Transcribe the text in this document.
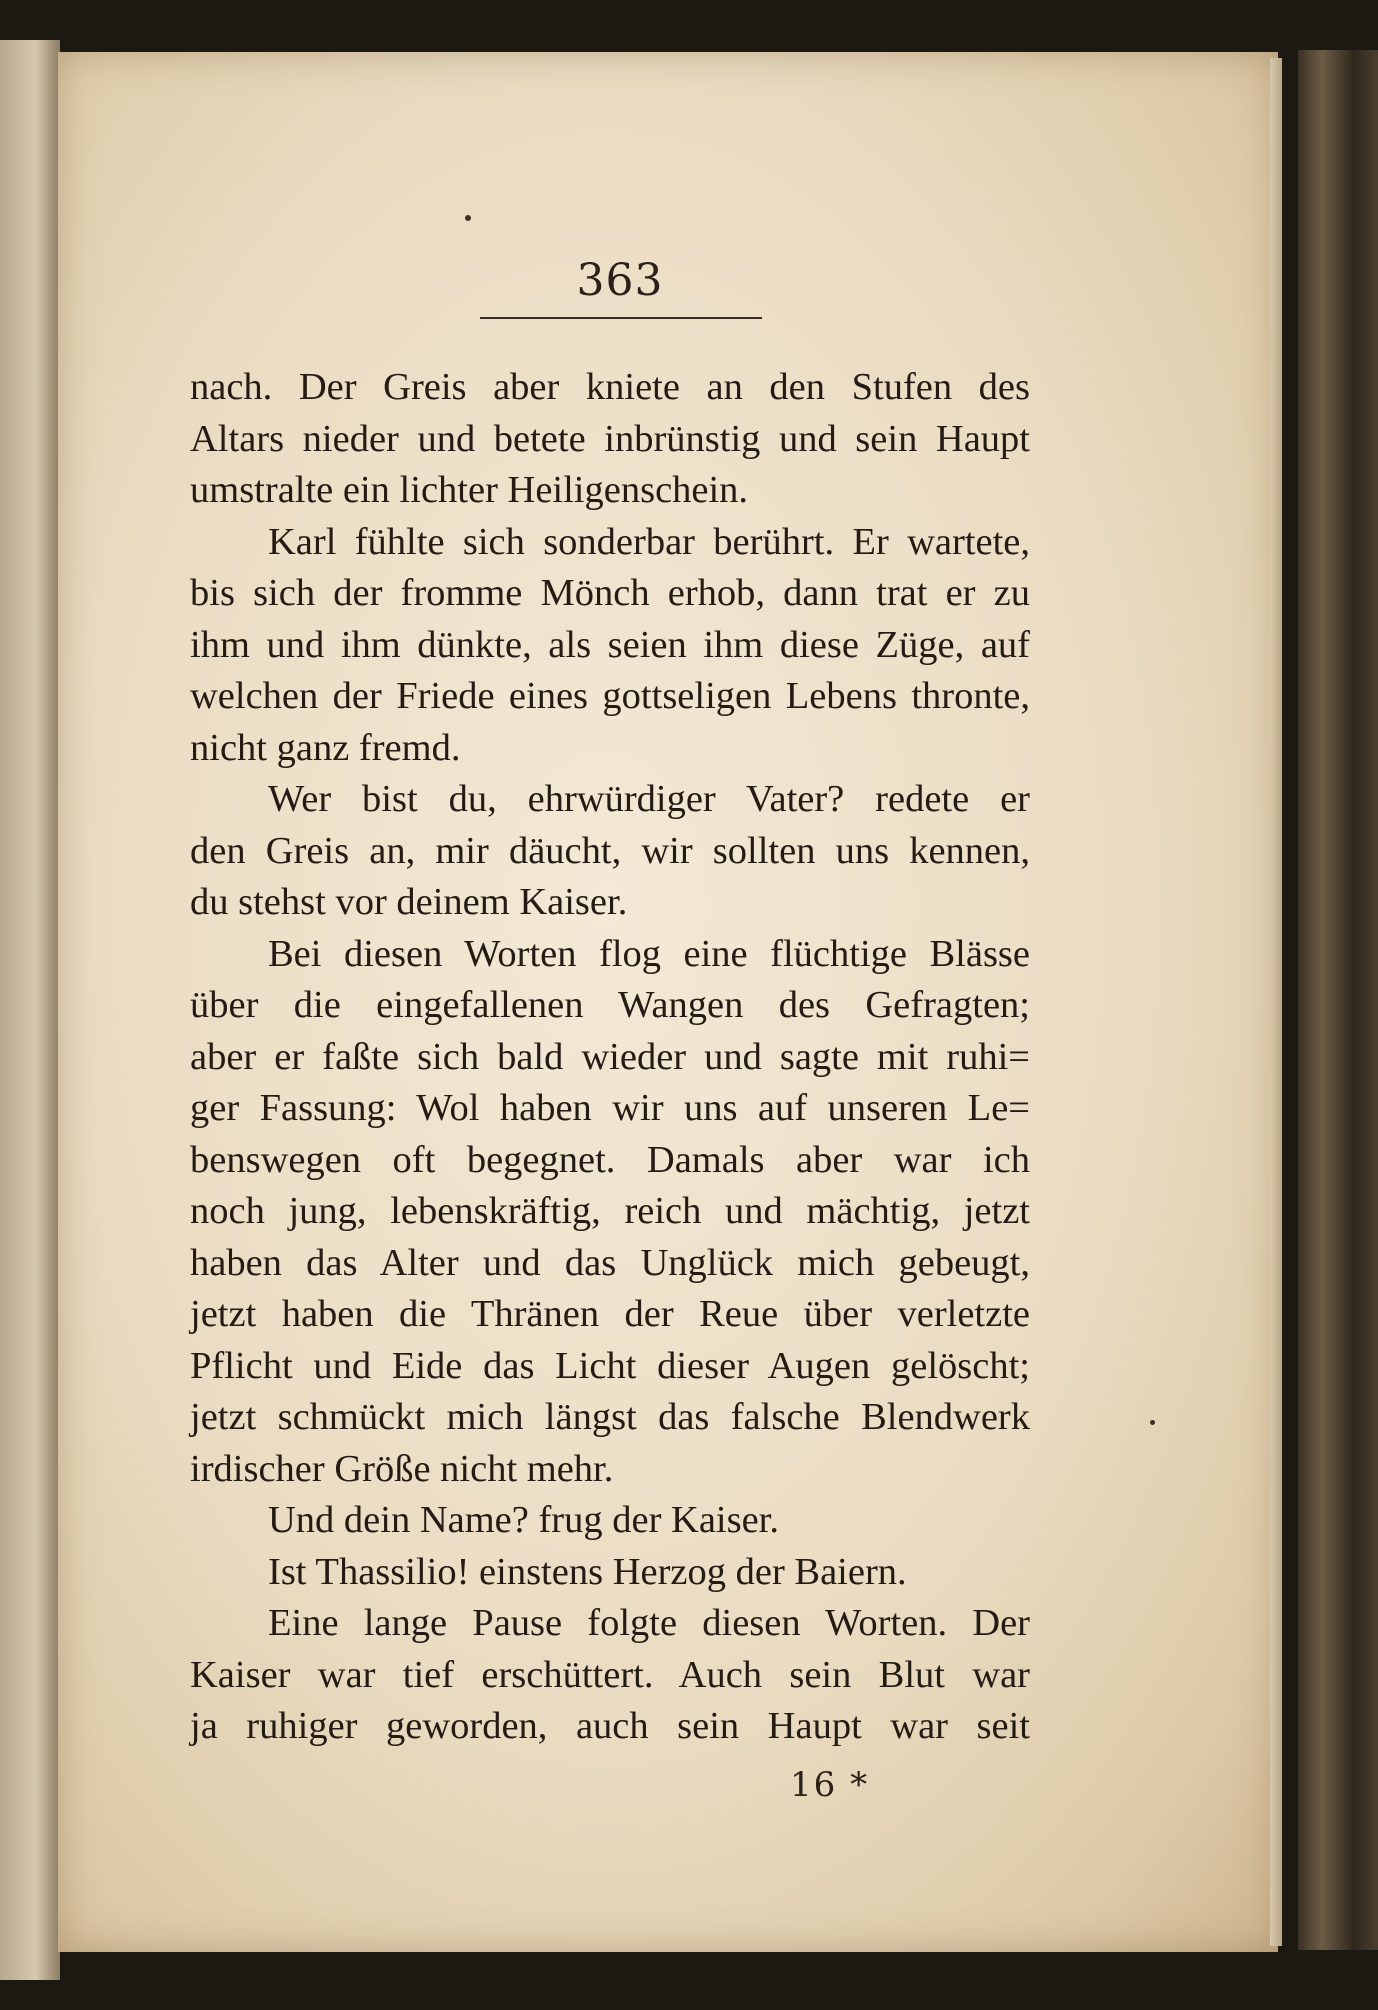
363
nach. Der Greis aber kniete an den Stufen des
Altars nieder und betete inbrünstig und sein Haupt
umstralte ein lichter Heiligenschein.
Karl fühlte sich sonderbar berührt. Er wartete,
bis sich der fromme Mönch erhob, dann trat er zu
ihm und ihm dünkte, als seien ihm diese Züge, auf
welchen der Friede eines gottseligen Lebens thronte,
nicht ganz fremd.
Wer bist du, ehrwürdiger Vater? redete er
den Greis an, mir däucht, wir sollten uns kennen,
du stehst vor deinem Kaiser.
Bei diesen Worten flog eine flüchtige Blässe
über die eingefallenen Wangen des Gefragten;
aber er faßte sich bald wieder und sagte mit ruhi=
ger Fassung: Wol haben wir uns auf unseren Le=
benswegen oft begegnet. Damals aber war ich
noch jung, lebenskräftig, reich und mächtig, jetzt
haben das Alter und das Unglück mich gebeugt,
jetzt haben die Thränen der Reue über verletzte
Pflicht und Eide das Licht dieser Augen gelöscht;
jetzt schmückt mich längst das falsche Blendwerk
irdischer Größe nicht mehr.
Und dein Name? frug der Kaiser.
Ist Thassilio! einstens Herzog der Baiern.
Eine lange Pause folgte diesen Worten. Der
Kaiser war tief erschüttert. Auch sein Blut war
ja ruhiger geworden, auch sein Haupt war seit
16 *
